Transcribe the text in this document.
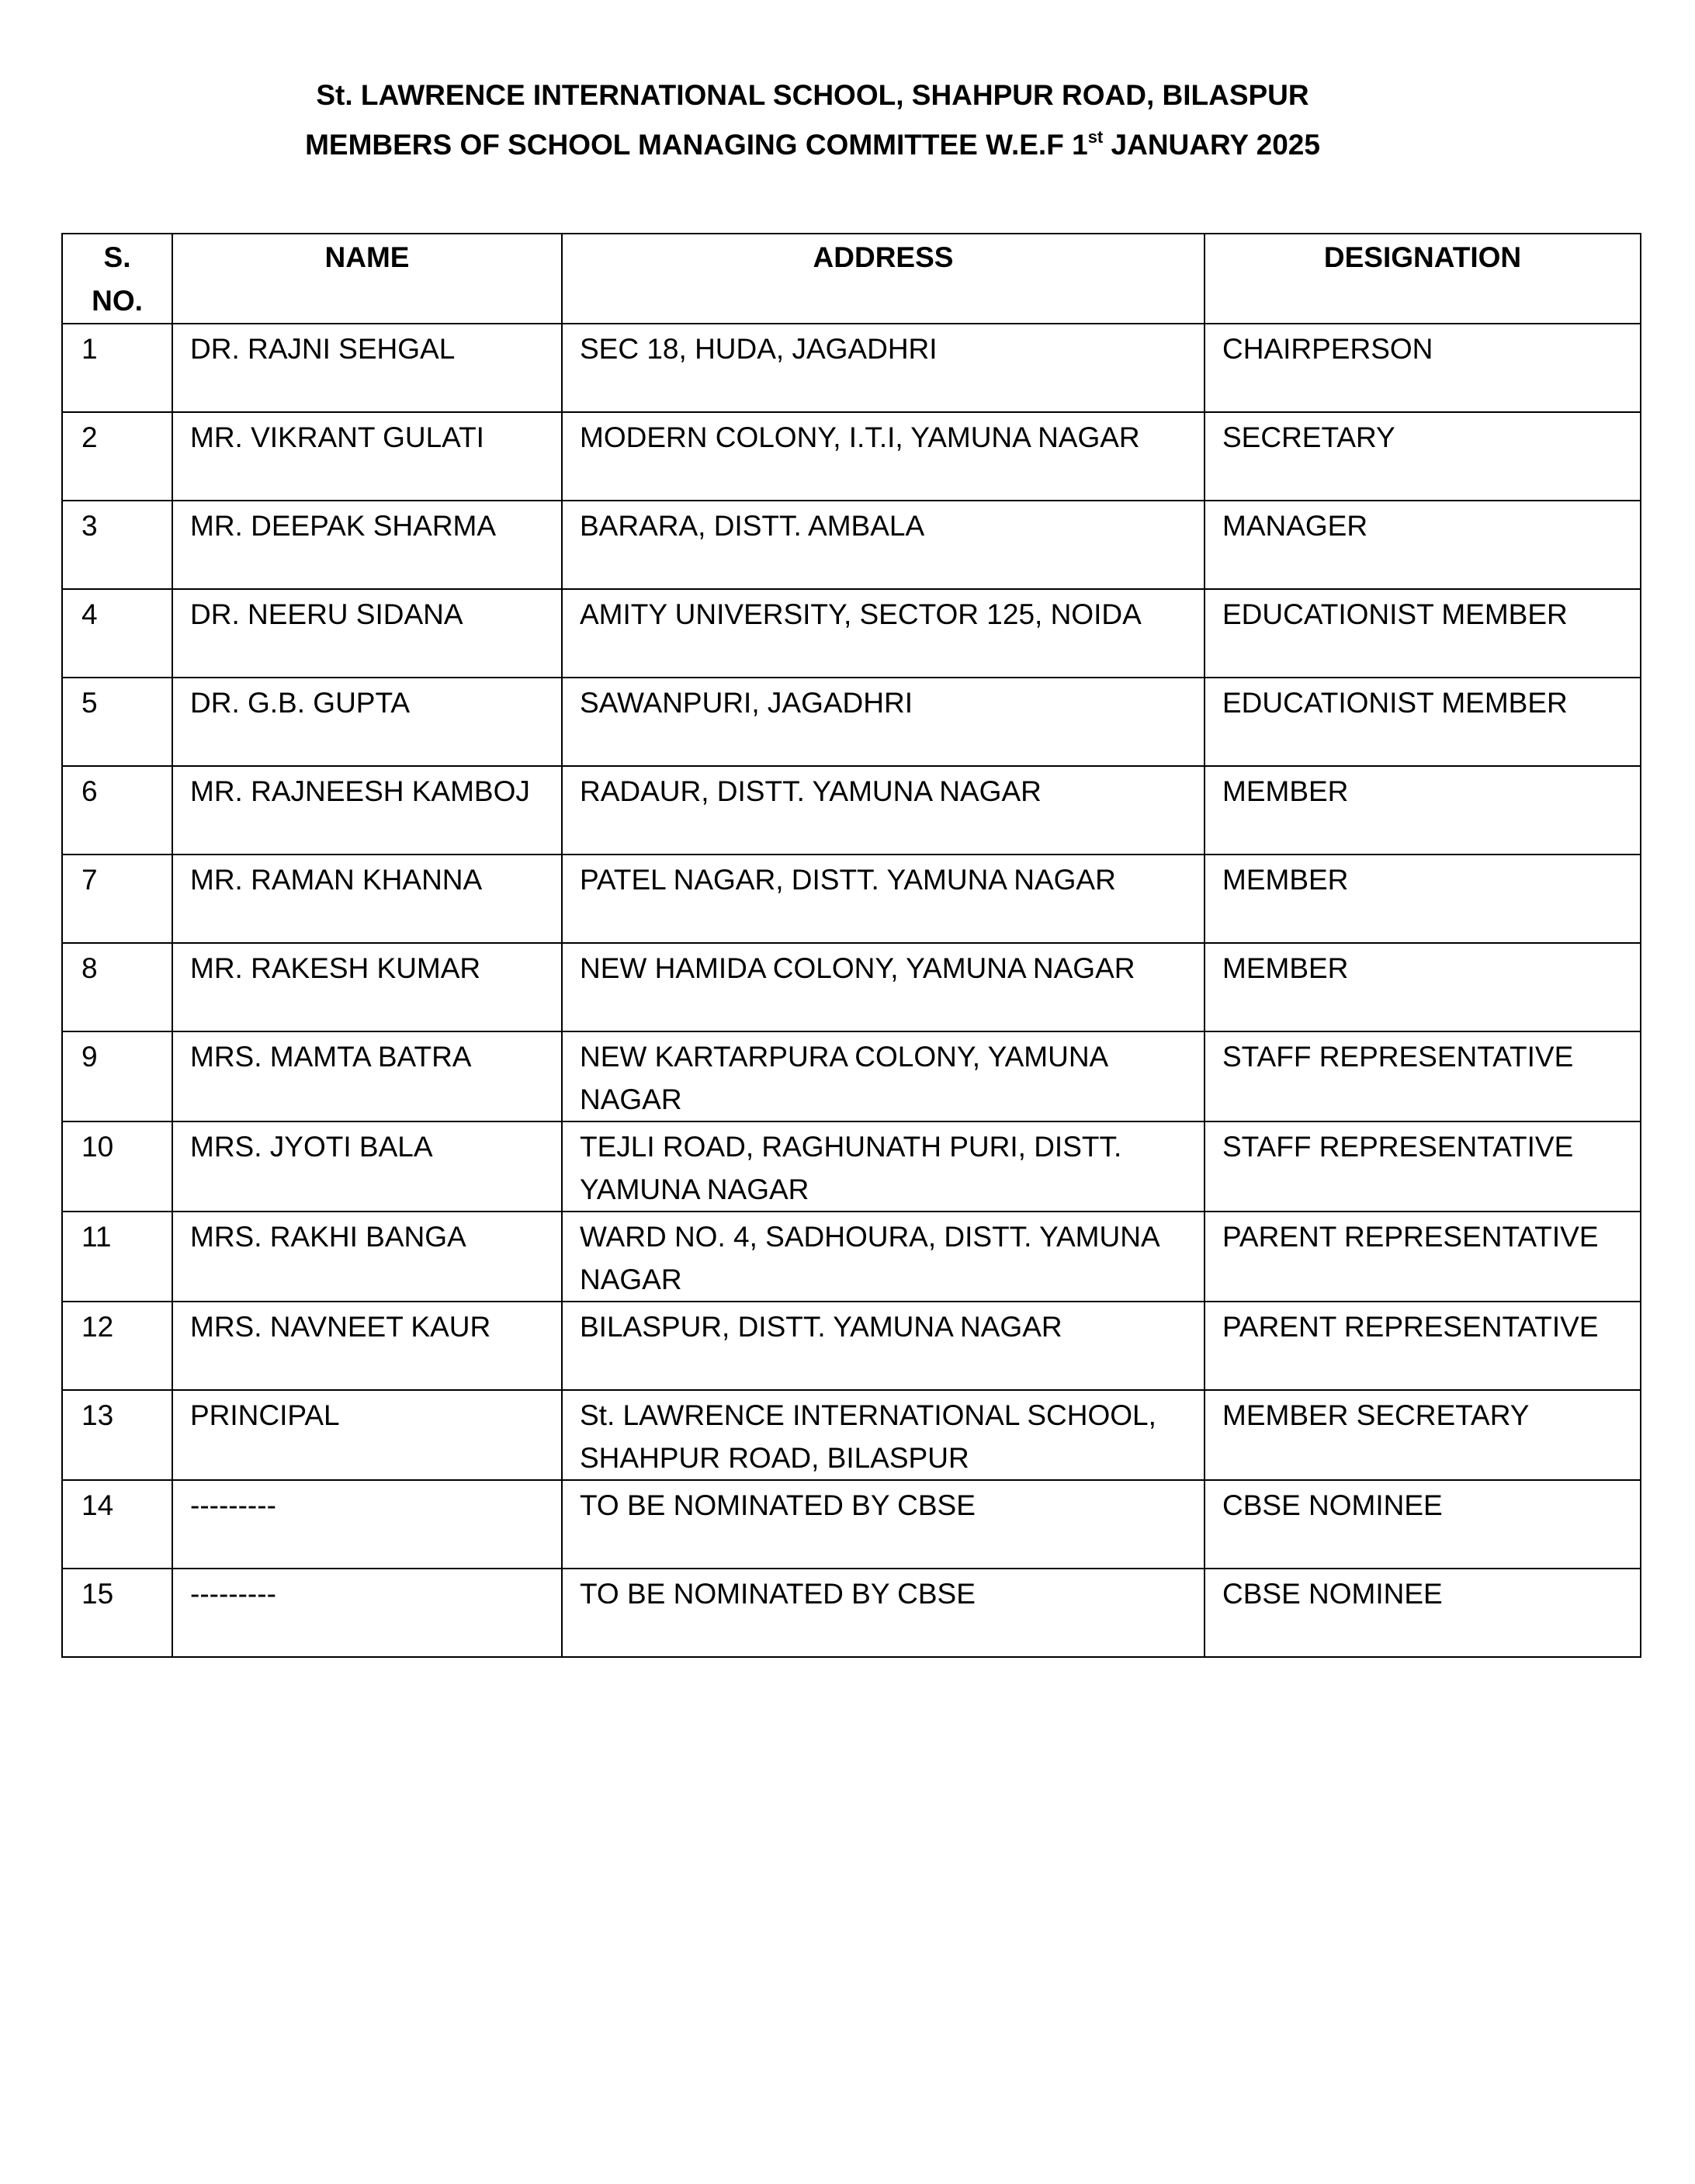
St. LAWRENCE INTERNATIONAL SCHOOL, SHAHPUR ROAD, BILASPUR
MEMBERS OF SCHOOL MANAGING COMMITTEE W.E.F 1st JANUARY 2025
S.
NO.	NAME	ADDRESS	DESIGNATION
1	DR. RAJNI SEHGAL	SEC 18, HUDA, JAGADHRI	CHAIRPERSON
2	MR. VIKRANT GULATI	MODERN COLONY, I.T.I, YAMUNA NAGAR	SECRETARY
3	MR. DEEPAK SHARMA	BARARA, DISTT. AMBALA	MANAGER
4	DR. NEERU SIDANA	AMITY UNIVERSITY, SECTOR 125, NOIDA	EDUCATIONIST MEMBER
5	DR. G.B. GUPTA	SAWANPURI, JAGADHRI	EDUCATIONIST MEMBER
6	MR. RAJNEESH KAMBOJ	RADAUR, DISTT. YAMUNA NAGAR	MEMBER
7	MR. RAMAN KHANNA	PATEL NAGAR, DISTT. YAMUNA NAGAR	MEMBER
8	MR. RAKESH KUMAR	NEW HAMIDA COLONY, YAMUNA NAGAR	MEMBER
9	MRS. MAMTA BATRA	NEW KARTARPURA COLONY, YAMUNA NAGAR	STAFF REPRESENTATIVE
10	MRS. JYOTI BALA	TEJLI ROAD, RAGHUNATH PURI, DISTT. YAMUNA NAGAR	STAFF REPRESENTATIVE
11	MRS. RAKHI BANGA	WARD NO. 4, SADHOURA, DISTT. YAMUNA NAGAR	PARENT REPRESENTATIVE
12	MRS. NAVNEET KAUR	BILASPUR, DISTT. YAMUNA NAGAR	PARENT REPRESENTATIVE
13	PRINCIPAL	St. LAWRENCE INTERNATIONAL SCHOOL, SHAHPUR ROAD, BILASPUR	MEMBER SECRETARY
14	---------	TO BE NOMINATED BY CBSE	CBSE NOMINEE
15	---------	TO BE NOMINATED BY CBSE	CBSE NOMINEE
